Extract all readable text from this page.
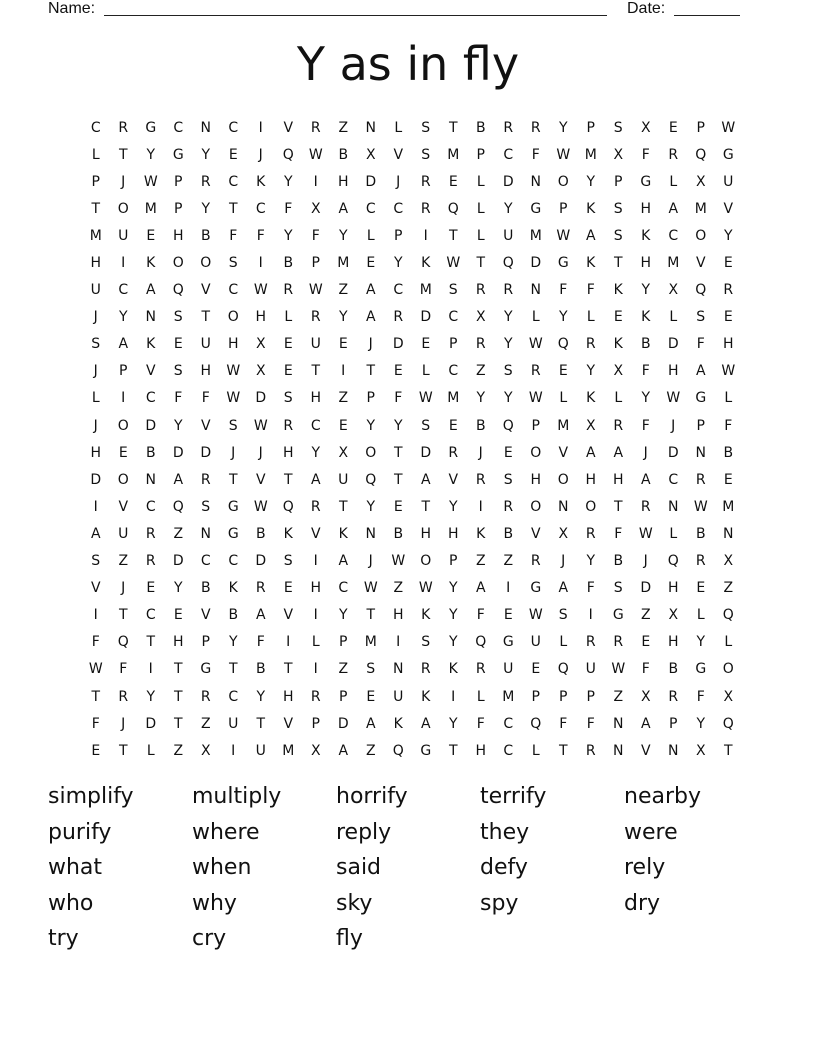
Name:	Date:
Y as in fly
C	R	G	C	N	C	I	V	R	Z	N	L	S	T	B	R	R	Y	P	S	X	E	P	W
L	T	Y	G	Y	E	J	Q	W	B	X	V	S	M	P	C	F	W	M	X	F	R	Q	G
P	J	W	P	R	C	K	Y	I	H	D	J	R	E	L	D	N	O	Y	P	G	L	X	U
T	O	M	P	Y	T	C	F	X	A	C	C	R	Q	L	Y	G	P	K	S	H	A	M	V
M	U	E	H	B	F	F	Y	F	Y	L	P	I	T	L	U	M	W	A	S	K	C	O	Y
H	I	K	O	O	S	I	B	P	M	E	Y	K	W	T	Q	D	G	K	T	H	M	V	E
U	C	A	Q	V	C	W	R	W	Z	A	C	M	S	R	R	N	F	F	K	Y	X	Q	R
J	Y	N	S	T	O	H	L	R	Y	A	R	D	C	X	Y	L	Y	L	E	K	L	S	E
S	A	K	E	U	H	X	E	U	E	J	D	E	P	R	Y	W	Q	R	K	B	D	F	H
J	P	V	S	H	W	X	E	T	I	T	E	L	C	Z	S	R	E	Y	X	F	H	A	W
L	I	C	F	F	W	D	S	H	Z	P	F	W	M	Y	Y	W	L	K	L	Y	W	G	L
J	O	D	Y	V	S	W	R	C	E	Y	Y	S	E	B	Q	P	M	X	R	F	J	P	F
H	E	B	D	D	J	J	H	Y	X	O	T	D	R	J	E	O	V	A	A	J	D	N	B
D	O	N	A	R	T	V	T	A	U	Q	T	A	V	R	S	H	O	H	H	A	C	R	E
I	V	C	Q	S	G	W	Q	R	T	Y	E	T	Y	I	R	O	N	O	T	R	N	W	M
A	U	R	Z	N	G	B	K	V	K	N	B	H	H	K	B	V	X	R	F	W	L	B	N
S	Z	R	D	C	C	D	S	I	A	J	W	O	P	Z	Z	R	J	Y	B	J	Q	R	X
V	J	E	Y	B	K	R	E	H	C	W	Z	W	Y	A	I	G	A	F	S	D	H	E	Z
I	T	C	E	V	B	A	V	I	Y	T	H	K	Y	F	E	W	S	I	G	Z	X	L	Q
F	Q	T	H	P	Y	F	I	L	P	M	I	S	Y	Q	G	U	L	R	R	E	H	Y	L
W	F	I	T	G	T	B	T	I	Z	S	N	R	K	R	U	E	Q	U	W	F	B	G	O
T	R	Y	T	R	C	Y	H	R	P	E	U	K	I	L	M	P	P	P	Z	X	R	F	X
F	J	D	T	Z	U	T	V	P	D	A	K	A	Y	F	C	Q	F	F	N	A	P	Y	Q
E	T	L	Z	X	I	U	M	X	A	Z	Q	G	T	H	C	L	T	R	N	V	N	X	T
simplify	multiply	horrify	terrify	nearby
purify	where	reply	they	were
what	when	said	defy	rely
who	why	sky	spy	dry
try	cry	fly
